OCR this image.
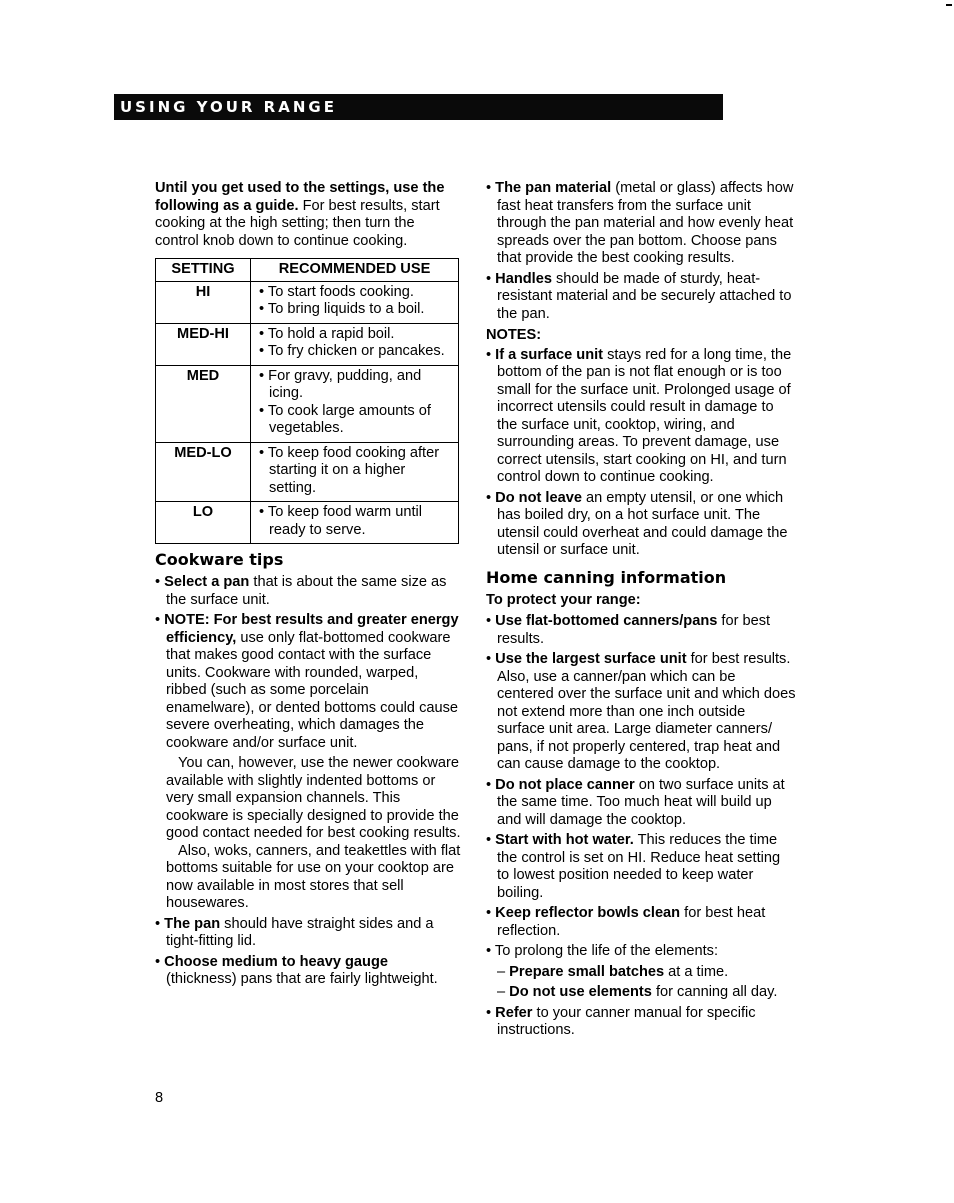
USING YOUR RANGE

Until you get used to the settings, use the following as a guide. For best results, start cooking at the high setting; then turn the control knob down to continue cooking.

SETTING	RECOMMENDED USE
HI	• To start foods cooking.
• To bring liquids to a boil.

MED-HI	• To hold a rapid boil.
• To fry chicken or pancakes.

MED	• For gravy, pudding, and icing.
• To cook large amounts of vegetables.

MED-LO	• To keep food cooking after starting it on a higher setting.

LO	• To keep food warm until ready to serve.
Cookware tips
• Select a pan that is about the same size as the surface unit.
• NOTE: For best results and greater energy efficiency, use only flat-bottomed cookware that makes good contact with the surface units. Cookware with rounded, warped, ribbed (such as some porcelain enamelware), or dented bottoms could cause severe overheating, which damages the cookware and/or surface unit.

You can, however, use the newer cookware available with slightly indented bottoms or very small expansion channels. This cookware is specially designed to provide the good contact needed for best cooking results.

Also, woks, canners, and teakettles with flat bottoms suitable for use on your cooktop are now available in most stores that sell housewares.

• The pan should have straight sides and a tight-fitting lid.
• Choose medium to heavy gauge (thickness) pans that are fairly lightweight.
• The pan material (metal or glass) affects how fast heat transfers from the surface unit through the pan material and how evenly heat spreads over the pan bottom. Choose pans that provide the best cooking results.
• Handles should be made of sturdy, heat-resistant material and be securely attached to the pan.

NOTES:

• If a surface unit stays red for a long time, the bottom of the pan is not flat enough or is too small for the surface unit. Prolonged usage of incorrect utensils could result in damage to the surface unit, cooktop, wiring, and surrounding areas. To prevent damage, use correct utensils, start cooking on HI, and turn control down to continue cooking.
• Do not leave an empty utensil, or one which has boiled dry, on a hot surface unit. The utensil could overheat and could damage the utensil or surface unit.
Home canning information

To protect your range:

• Use flat-bottomed canners/pans for best results.
• Use the largest surface unit for best results. Also, use a canner/pan which can be centered over the surface unit and which does not extend more than one inch outside surface unit area. Large diameter canners/ pans, if not properly centered, trap heat and can cause damage to the cooktop.
• Do not place canner on two surface units at the same time. Too much heat will build up and will damage the cooktop.
• Start with hot water. This reduces the time the control is set on HI. Reduce heat setting to lowest position needed to keep water boiling.
• Keep reflector bowls clean for best heat reflection.
• To prolong the life of the elements:
– Prepare small batches at a time.
– Do not use elements for canning all day.
• Refer to your canner manual for specific instructions.
8
